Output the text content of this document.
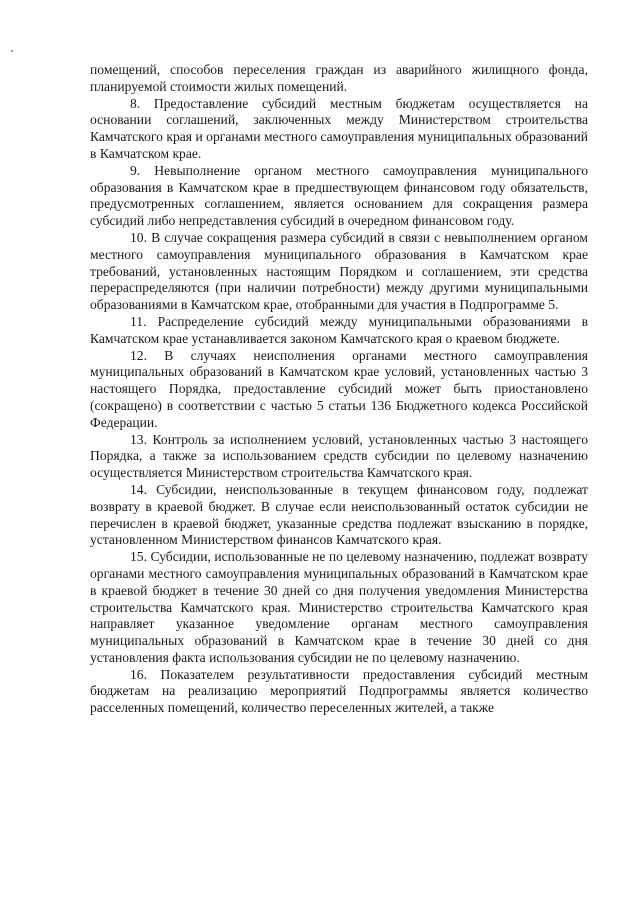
помещений, способов переселения граждан из аварийного жилищного фонда, планируемой стоимости жилых помещений.

8. Предоставление субсидий местным бюджетам осуществляется на основании соглашений, заключенных между Министерством строительства Камчатского края и органами местного самоуправления муниципальных образований в Камчатском крае.

9. Невыполнение органом местного самоуправления муниципального образования в Камчатском крае в предшествующем финансовом году обязательств, предусмотренных соглашением, является основанием для сокращения размера субсидий либо непредставления субсидий в очередном финансовом году.

10. В случае сокращения размера субсидий в связи с невыполнением органом местного самоуправления муниципального образования в Камчатском крае требований, установленных настоящим Порядком и соглашением, эти средства перераспределяются (при наличии потребности) между другими муниципальными образованиями в Камчатском крае, отобранными для участия в Подпрограмме 5.

11. Распределение субсидий между муниципальными образованиями в Камчатском крае устанавливается законом Камчатского края о краевом бюджете.

12. В случаях неисполнения органами местного самоуправления муниципальных образований в Камчатском крае условий, установленных частью 3 настоящего Порядка, предоставление субсидий может быть приостановлено (сокращено) в соответствии с частью 5 статьи 136 Бюджетного кодекса Российской Федерации.

13. Контроль за исполнением условий, установленных частью 3 настоящего Порядка, а также за использованием средств субсидии по целевому назначению осуществляется Министерством строительства Камчатского края.

14. Субсидии, неиспользованные в текущем финансовом году, подлежат возврату в краевой бюджет. В случае если неиспользованный остаток субсидии не перечислен в краевой бюджет, указанные средства подлежат взысканию в порядке, установленном Министерством финансов Камчатского края.

15. Субсидии, использованные не по целевому назначению, подлежат возврату органами местного самоуправления муниципальных образований в Камчатском крае в краевой бюджет в течение 30 дней со дня получения уведомления Министерства строительства Камчатского края. Министерство строительства Камчатского края направляет указанное уведомление органам местного самоуправления муниципальных образований в Камчатском крае в течение 30 дней со дня установления факта использования субсидии не по целевому назначению.

16. Показателем результативности предоставления субсидий местным бюджетам на реализацию мероприятий Подпрограммы является количество расселенных помещений, количество переселенных жителей, а также
